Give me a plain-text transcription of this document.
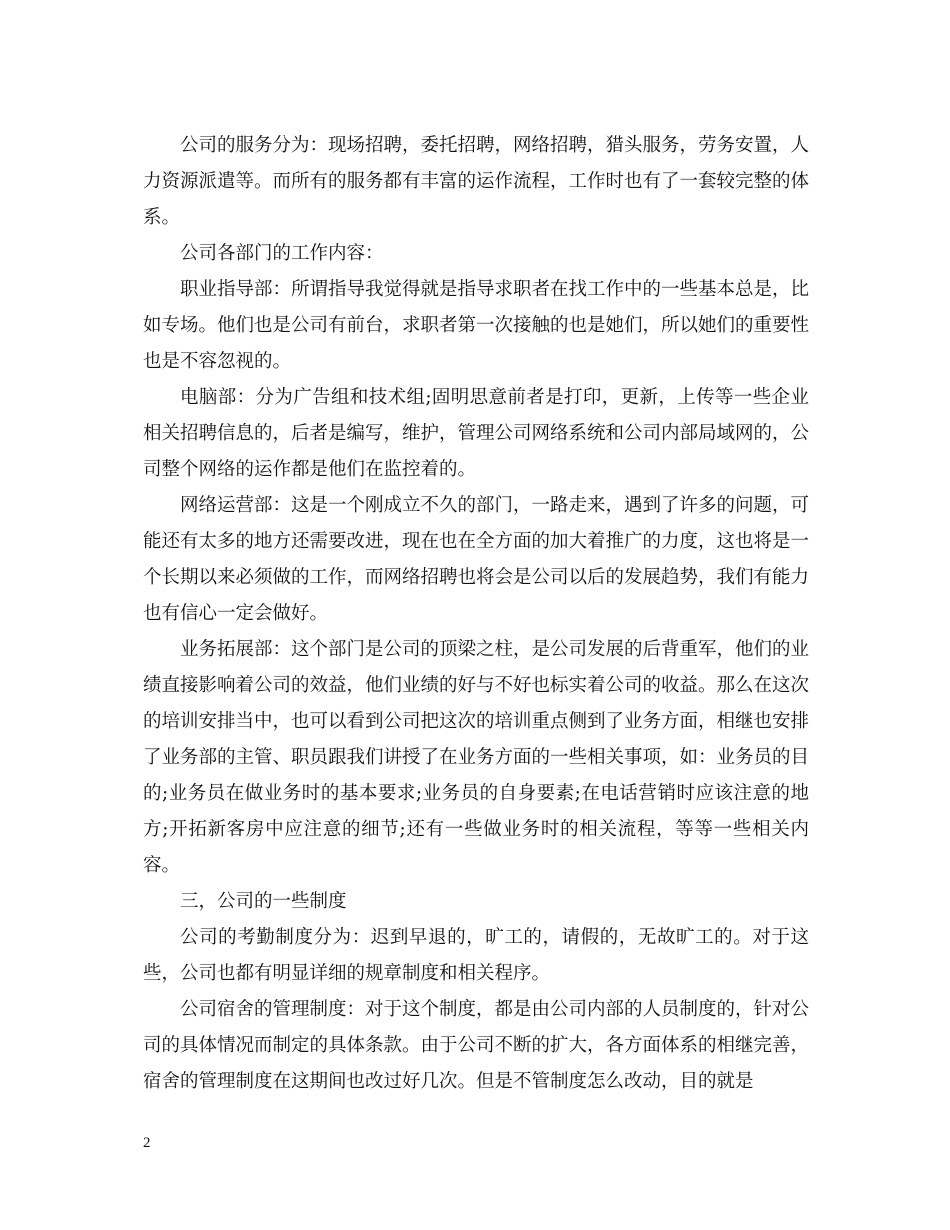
公司的服务分为：现场招聘，委托招聘，网络招聘，猎头服务，劳务安置，人力资源派遣等。而所有的服务都有丰富的运作流程，工作时也有了一套较完整的体系。

公司各部门的工作内容：

职业指导部：所谓指导我觉得就是指导求职者在找工作中的一些基本总是，比如专场。他们也是公司有前台，求职者第一次接触的也是她们，所以她们的重要性也是不容忽视的。

电脑部：分为广告组和技术组;固明思意前者是打印，更新，上传等一些企业相关招聘信息的，后者是编写，维护，管理公司网络系统和公司内部局域网的，公司整个网络的运作都是他们在监控着的。

网络运营部：这是一个刚成立不久的部门，一路走来，遇到了许多的问题，可能还有太多的地方还需要改进，现在也在全方面的加大着推广的力度，这也将是一个长期以来必须做的工作，而网络招聘也将会是公司以后的发展趋势，我们有能力也有信心一定会做好。

业务拓展部：这个部门是公司的顶梁之柱，是公司发展的后背重军，他们的业绩直接影响着公司的效益，他们业绩的好与不好也标实着公司的收益。那么在这次的培训安排当中，也可以看到公司把这次的培训重点侧到了业务方面，相继也安排了业务部的主管、职员跟我们讲授了在业务方面的一些相关事项，如：业务员的目的;业务员在做业务时的基本要求;业务员的自身要素;在电话营销时应该注意的地方;开拓新客房中应注意的细节;还有一些做业务时的相关流程，等等一些相关内容。

三，公司的一些制度

公司的考勤制度分为：迟到早退的，旷工的，请假的，无故旷工的。对于这些，公司也都有明显详细的规章制度和相关程序。

公司宿舍的管理制度：对于这个制度，都是由公司内部的人员制度的，针对公司的具体情况而制定的具体条款。由于公司不断的扩大，各方面体系的相继完善，宿舍的管理制度在这期间也改过好几次。但是不管制度怎么改动，目的就是

2
